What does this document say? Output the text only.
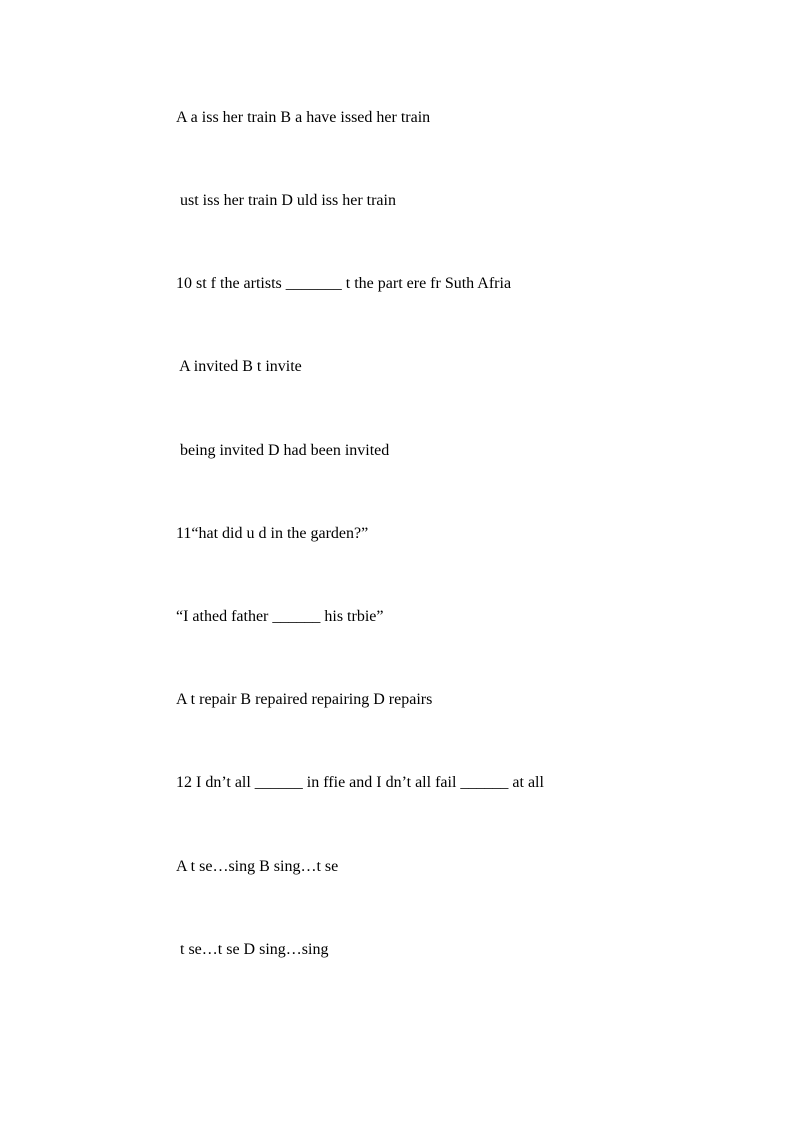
A a iss her train B a have issed her train
ust iss her train D uld iss her train
10 st f the artists _______ t the part ere fr Suth Afria
A invited B t invite
being invited D had been invited
11“hat did u d in the garden?”
“I athed father ______ his trbie”
A t repair B repaired repairing D repairs
12 I dn’t all ______ in ffie and I dn’t all fail ______ at all
A t se…sing B sing…t se
t se…t se D sing…sing
